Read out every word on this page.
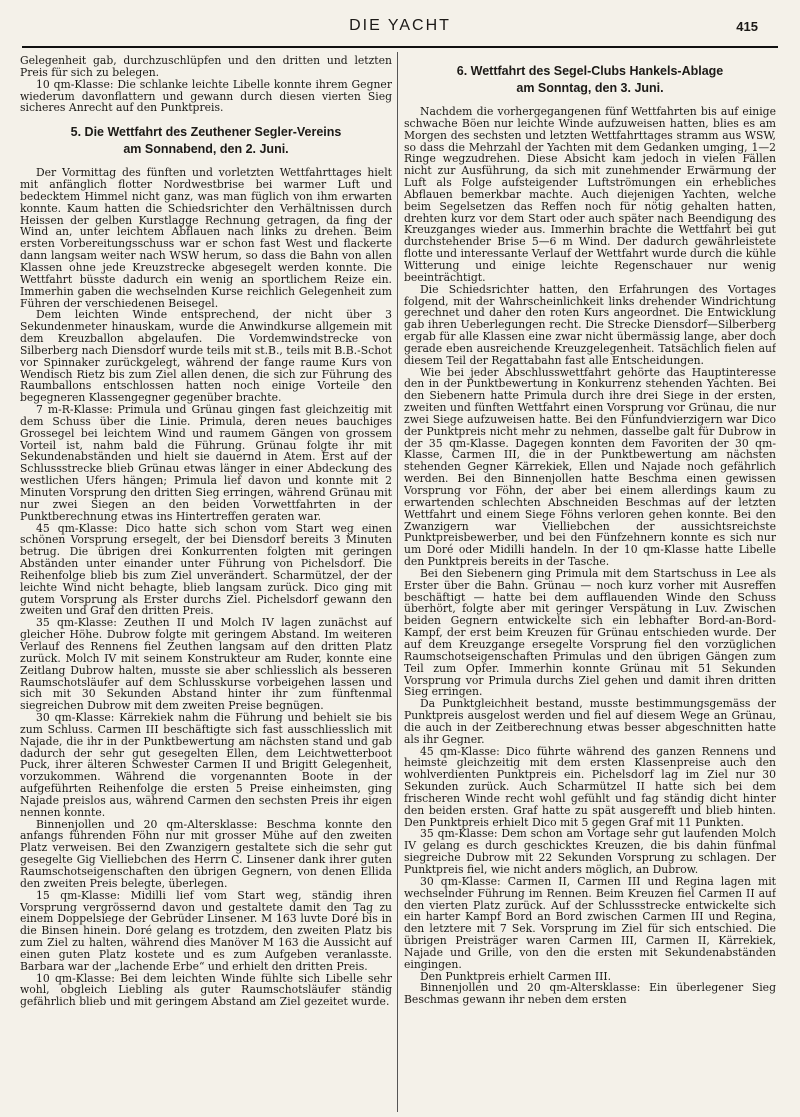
DIE YACHT	415

Gelegenheit gab, durchzuschlüpfen und den dritten und letzten Preis für sich zu belegen.

10 qm-Klasse: Die schlanke leichte Libelle konnte ihrem Gegner wiederum davonflattern und gewann durch diesen vierten Sieg sicheres Anrecht auf den Punktpreis.

5. Die Wettfahrt des Zeuthener Segler-Vereins
am Sonnabend, den 2. Juni.

Der Vormittag des fünften und vorletzten Wettfahrttages hielt mit anfänglich flotter Nordwestbrise bei warmer Luft und bedecktem Himmel nicht ganz, was man füglich von ihm erwarten konnte. Kaum hatten die Schiedsrichter den Verhältnissen durch Heissen der gelben Kurstlagge Rechnung getragen, da fing der Wind an, unter leichtem Abflauen nach links zu drehen. Beim ersten Vorbereitungsschuss war er schon fast West und flackerte dann langsam weiter nach WSW herum, so dass die Bahn von allen Klassen ohne jede Kreuzstrecke abgesegelt werden konnte. Die Wettfahrt büsste dadurch ein wenig an sportlichem Reize ein. Immerhin gaben die wechselnden Kurse reichlich Gelegenheit zum Führen der verschiedenen Beisegel.

Dem leichten Winde entsprechend, der nicht über 3 Sekundenmeter hinauskam, wurde die Anwindkurse allgemein mit dem Kreuzballon abgelaufen. Die Vordemwindstrecke von Silberberg nach Diensdorf wurde teils mit st.B., teils mit B.B.-Schot vor Spinnaker zurückgelegt, während der fange raume Kurs von Wendisch Rietz bis zum Ziel allen denen, die sich zur Führung des Raumballons entschlossen hatten noch einige Vorteile den begegneren Klassengegner gegenüber brachte.

7 m-R-Klasse: Primula und Grünau gingen fast gleichzeitig mit dem Schuss über die Linie. Primula, deren neues bauchiges Grossegel bei leichtem Wind und raumem Gängen von grossem Vorteil ist, nahm bald die Führung. Grünau folgte ihr mit Sekundenabständen und hielt sie dauernd in Atem. Erst auf der Schlussstrecke blieb Grünau etwas länger in einer Abdeckung des westlichen Ufers hängen; Primula lief davon und konnte mit 2 Minuten Vorsprung den dritten Sieg erringen, während Grünau mit nur zwei Siegen an den beiden Vorwettfahrten in der Punktberechnung etwas ins Hintertreffen geraten war.

45 qm-Klasse: Dico hatte sich schon vom Start weg einen schönen Vorsprung ersegelt, der bei Diensdorf bereits 3 Minuten betrug. Die übrigen drei Konkurrenten folgten mit geringen Abständen unter einander unter Führung von Pichelsdorf. Die Reihenfolge blieb bis zum Ziel unverändert. Scharmützel, der der leichte Wind nicht behagte, blieb langsam zurück. Dico ging mit gutem Vorsprung als Erster durchs Ziel. Pichelsdorf gewann den zweiten und Graf den dritten Preis.

35 qm-Klasse: Zeuthen II und Molch IV lagen zunächst auf gleicher Höhe. Dubrow folgte mit geringem Abstand. Im weiteren Verlauf des Rennens fiel Zeuthen langsam auf den dritten Platz zurück. Molch IV mit seinem Konstrukteur am Ruder, konnte eine Zeitlang Dubrow halten, musste sie aber schliesslich als besseren Raumschotsläufer auf dem Schlusskurse vorbeigehen lassen und sich mit 30 Sekunden Abstand hinter ihr zum fünftenmal siegreichen Dubrow mit dem zweiten Preise begnügen.

30 qm-Klasse: Kärrekiek nahm die Führung und behielt sie bis zum Schluss. Carmen III beschäftigte sich fast ausschliesslich mit Najade, die ihr in der Punktbewertung am nächsten stand und gab dadurch der sehr gut gesegelten Ellen, dem Leichtwetterboot Puck, ihrer älteren Schwester Carmen II und Brigitt Gelegenheit, vorzukommen. Während die vorgenannten Boote in der aufgeführten Reihenfolge die ersten 5 Preise einheimsten, ging Najade preislos aus, während Carmen den sechsten Preis ihr eigen nennen konnte.

Binnenjollen und 20 qm-Altersklasse: Beschma konnte den anfangs führenden Föhn nur mit grosser Mühe auf den zweiten Platz verweisen. Bei den Zwanzigern gestaltete sich die sehr gut gesegelte Gig Vielliebchen des Herrn C. Linsener dank ihrer guten Raumschotseigenschaften den übrigen Gegnern, von denen Ellida den zweiten Preis belegte, überlegen.

15 qm-Klasse: Midilli lief vom Start weg, ständig ihren Vorsprung vergrössernd davon und gestaltete damit den Tag zu einem Doppelsiege der Gebrüder Linsener. M 163 luvte Doré bis in die Binsen hinein. Doré gelang es trotzdem, den zweiten Platz bis zum Ziel zu halten, während dies Manöver M 163 die Aussicht auf einen guten Platz kostete und es zum Aufgeben veranlasste. Barbara war der „lachende Erbe“ und erhielt den dritten Preis.

10 qm-Klasse: Bei dem leichten Winde fühlte sich Libelle sehr wohl, obgleich Liebling als guter Raumschotsläufer ständig gefährlich blieb und mit geringem Abstand am Ziel gezeitet wurde.

6. Wettfahrt des Segel-Clubs Hankels-Ablage
am Sonntag, den 3. Juni.

Nachdem die vorhergegangenen fünf Wettfahrten bis auf einige schwache Böen nur leichte Winde aufzuweisen hatten, blies es am Morgen des sechsten und letzten Wettfahrttages stramm aus WSW, so dass die Mehrzahl der Yachten mit dem Gedanken umging, 1—2 Ringe wegzudrehen. Diese Absicht kam jedoch in vielen Fällen nicht zur Ausführung, da sich mit zunehmender Erwärmung der Luft als Folge aufsteigender Luftströmungen ein erhebliches Abflauen bemerkbar machte. Auch diejenigen Yachten, welche beim Segelsetzen das Reffen noch für nötig gehalten hatten, drehten kurz vor dem Start oder auch später nach Beendigung des Kreuzganges wieder aus. Immerhin brachte die Wettfahrt bei gut durchstehender Brise 5—6 m Wind. Der dadurch gewährleistete flotte und interessante Verlauf der Wettfahrt wurde durch die kühle Witterung und einige leichte Regenschauer nur wenig beeinträchtigt.

Die Schiedsrichter hatten, den Erfahrungen des Vortages folgend, mit der Wahrscheinlichkeit links drehender Windrichtung gerechnet und daher den roten Kurs angeordnet. Die Entwicklung gab ihren Ueberlegungen recht. Die Strecke Diensdorf—Silberberg ergab für alle Klassen eine zwar nicht übermässig lange, aber doch gerade eben ausreichende Kreuzgelegenheit. Tatsächlich fielen auf diesem Teil der Regattabahn fast alle Entscheidungen.

Wie bei jeder Abschlusswettfahrt gehörte das Hauptinteresse den in der Punktbewertung in Konkurrenz stehenden Yachten. Bei den Siebenern hatte Primula durch ihre drei Siege in der ersten, zweiten und fünften Wettfahrt einen Vorsprung vor Grünau, die nur zwei Siege aufzuweisen hatte. Bei den Fünfundvierzigern war Dico der Punktpreis nicht mehr zu nehmen, dasselbe galt für Dubrow in der 35 qm-Klasse. Dagegen konnten dem Favoriten der 30 qm-Klasse, Carmen III, die in der Punktbewertung am nächsten stehenden Gegner Kärrekiek, Ellen und Najade noch gefährlich werden. Bei den Binnenjollen hatte Beschma einen gewissen Vorsprung vor Föhn, der aber bei einem allerdings kaum zu erwartenden schlechten Abschneiden Beschmas auf der letzten Wettfahrt und einem Siege Föhns verloren gehen konnte. Bei den Zwanzigern war Vielliebchen der aussichtsreichste Punktpreisbewerber, und bei den Fünfzehnern konnte es sich nur um Doré oder Midilli handeln. In der 10 qm-Klasse hatte Libelle den Punktpreis bereits in der Tasche.

Bei den Siebenern ging Primula mit dem Startschuss in Lee als Erster über die Bahn. Grünau — noch kurz vorher mit Ausreffen beschäftigt — hatte bei dem aufflauenden Winde den Schuss überhört, folgte aber mit geringer Verspätung in Luv. Zwischen beiden Gegnern entwickelte sich ein lebhafter Bord-an-Bord-Kampf, der erst beim Kreuzen für Grünau entschieden wurde. Der auf dem Kreuzgange ersegelte Vorsprung fiel den vorzüglichen Raumschotseigenschaften Primulas und den übrigen Gängen zum Teil zum Opfer. Immerhin konnte Grünau mit 51 Sekunden Vorsprung vor Primula durchs Ziel gehen und damit ihren dritten Sieg erringen.

Da Punktgleichheit bestand, musste bestimmungsgemäss der Punktpreis ausgelost werden und fiel auf diesem Wege an Grünau, die auch in der Zeitberechnung etwas besser abgeschnitten hatte als ihr Gegner.

45 qm-Klasse: Dico führte während des ganzen Rennens und heimste gleichzeitig mit dem ersten Klassenpreise auch den wohlverdienten Punktpreis ein. Pichelsdorf lag im Ziel nur 30 Sekunden zurück. Auch Scharmützel II hatte sich bei dem frischeren Winde recht wohl gefühlt und fag ständig dicht hinter den beiden ersten. Graf hatte zu spät ausgerefft und blieb hinten. Den Punktpreis erhielt Dico mit 5 gegen Graf mit 11 Punkten.

35 qm-Klasse: Dem schon am Vortage sehr gut laufenden Molch IV gelang es durch geschicktes Kreuzen, die bis dahin fünfmal siegreiche Dubrow mit 22 Sekunden Vorsprung zu schlagen. Der Punktpreis fiel, wie nicht anders möglich, an Dubrow.

30 qm-Klasse: Carmen II, Carmen III und Regina lagen mit wechselnder Führung im Rennen. Beim Kreuzen fiel Carmen II auf den vierten Platz zurück. Auf der Schlussstrecke entwickelte sich ein harter Kampf Bord an Bord zwischen Carmen III und Regina, den letztere mit 7 Sek. Vorsprung im Ziel für sich entschied. Die übrigen Preisträger waren Carmen III, Carmen II, Kärrekiek, Najade und Grille, von den die ersten mit Sekundenabständen eingingen.

Den Punktpreis erhielt Carmen III.

Binnenjollen und 20 qm-Altersklasse: Ein überlegener Sieg Beschmas gewann ihr neben dem ersten
